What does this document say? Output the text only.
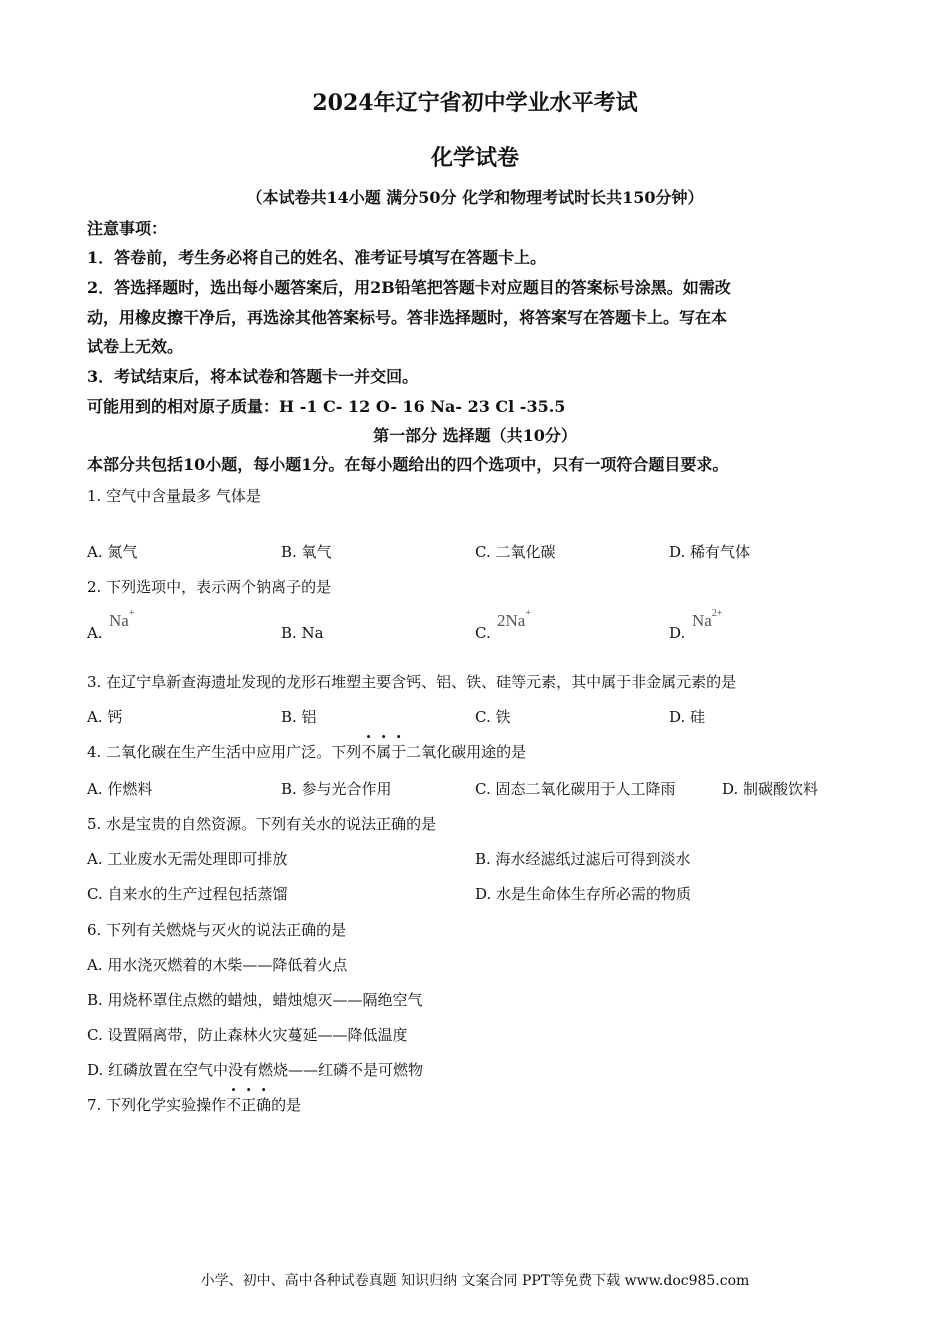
2024年辽宁省初中学业水平考试
化学试卷
（本试卷共14小题 满分50分 化学和物理考试时长共150分钟）
注意事项：
1．答卷前，考生务必将自己的姓名、准考证号填写在答题卡上。
2．答选择题时，选出每小题答案后，用2B铅笔把答题卡对应题目的答案标号涂黑。如需改
动，用橡皮擦干净后，再选涂其他答案标号。答非选择题时，将答案写在答题卡上。写在本
试卷上无效。
3．考试结束后，将本试卷和答题卡一并交回。
可能用到的相对原子质量：H -1 C- 12 O- 16 Na- 23 Cl -35.5
第一部分 选择题（共10分）
本部分共包括10小题，每小题1分。在每小题给出的四个选项中，只有一项符合题目要求。
1. 空气中含量最多 气体是
A. 氮气	B. 氧气	C. 二氧化碳	D. 稀有气体
2. 下列选项中，表示两个钠离子的是
A.
Na+
B. Na	C.
2Na+
D.
$Na^{2+}$
3. 在辽宁阜新查海遗址发现的龙形石堆塑主要含钙、铝、铁、硅等元素，其中属于非金属元素的是
A. 钙	B. 铝	C. 铁	D. 硅
4. 二氧化碳在生产生活中应用广泛。下列不属于二氧化碳用途的是
A. 作燃料	B. 参与光合作用	C. 固态二氧化碳用于人工降雨	D. 制碳酸饮料
5. 水是宝贵的自然资源。下列有关水的说法正确的是
A. 工业废水无需处理即可排放	B. 海水经滤纸过滤后可得到淡水
C. 自来水的生产过程包括蒸馏	D. 水是生命体生存所必需的物质
6. 下列有关燃烧与灭火的说法正确的是
A. 用水浇灭燃着的木柴——降低着火点
B. 用烧杯罩住点燃的蜡烛，蜡烛熄灭——隔绝空气
C. 设置隔离带，防止森林火灾蔓延——降低温度
D. 红磷放置在空气中没有燃烧——红磷不是可燃物
7. 下列化学实验操作不正确的是
小学、初中、高中各种试卷真题 知识归纳 文案合同 PPT等免费下载 www.doc985.com
